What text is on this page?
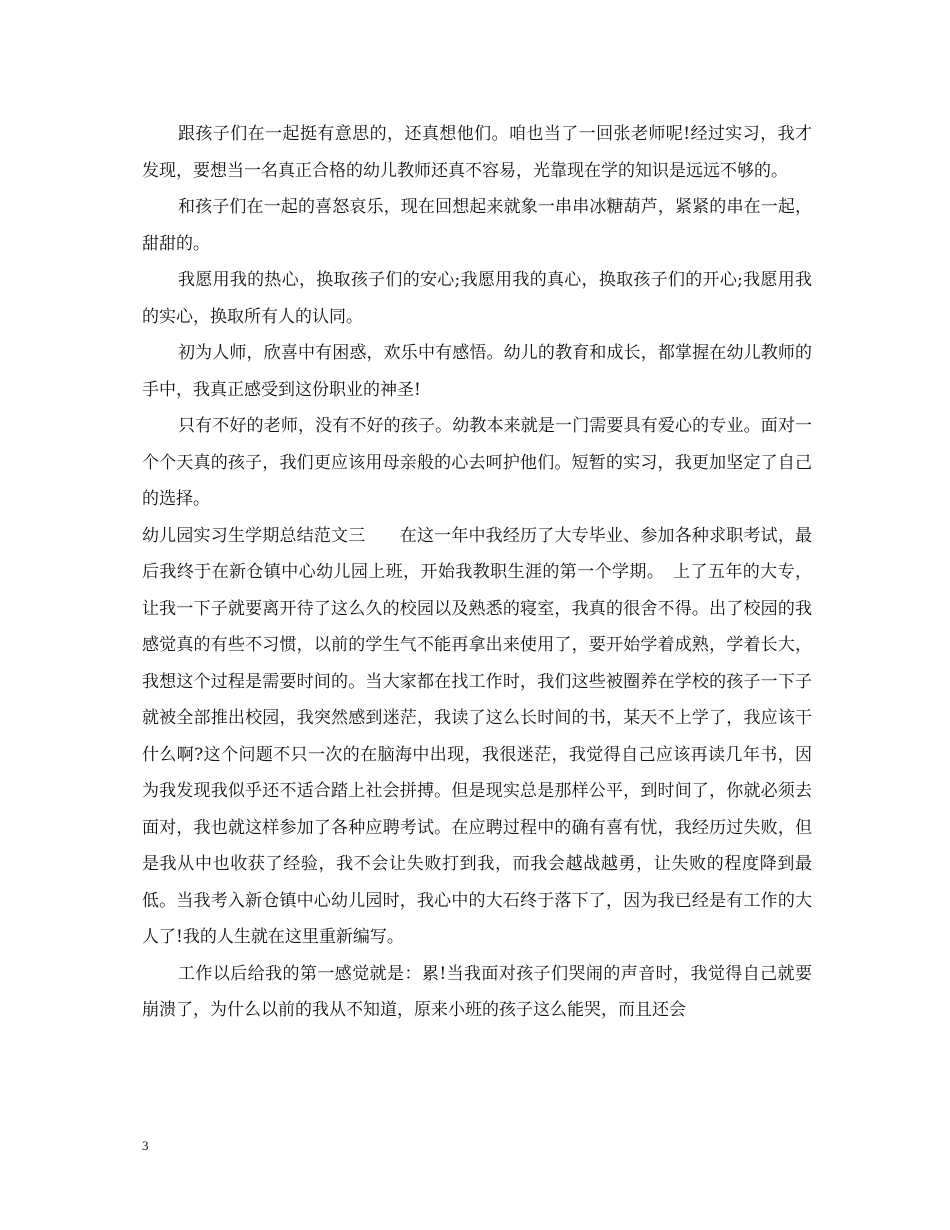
跟孩子们在一起挺有意思的，还真想他们。咱也当了一回张老师呢!经过实习，我才发现，要想当一名真正合格的幼儿教师还真不容易，光靠现在学的知识是远远不够的。

和孩子们在一起的喜怒哀乐，现在回想起来就象一串串冰糖葫芦，紧紧的串在一起，甜甜的。

我愿用我的热心，换取孩子们的安心;我愿用我的真心，换取孩子们的开心;我愿用我的实心，换取所有人的认同。

初为人师，欣喜中有困惑，欢乐中有感悟。幼儿的教育和成长，都掌握在幼儿教师的手中，我真正感受到这份职业的神圣!

只有不好的老师，没有不好的孩子。幼教本来就是一门需要具有爱心的专业。面对一个个天真的孩子，我们更应该用母亲般的心去呵护他们。短暂的实习，我更加坚定了自己的选择。

幼儿园实习生学期总结范文三　　在这一年中我经历了大专毕业、参加各种求职考试，最后我终于在新仓镇中心幼儿园上班，开始我教职生涯的第一个学期。　上了五年的大专，让我一下子就要离开待了这么久的校园以及熟悉的寝室，我真的很舍不得。出了校园的我感觉真的有些不习惯，以前的学生气不能再拿出来使用了，要开始学着成熟，学着长大，我想这个过程是需要时间的。当大家都在找工作时，我们这些被圈养在学校的孩子一下子就被全部推出校园，我突然感到迷茫，我读了这么长时间的书，某天不上学了，我应该干什么啊?这个问题不只一次的在脑海中出现，我很迷茫，我觉得自己应该再读几年书，因为我发现我似乎还不适合踏上社会拼搏。但是现实总是那样公平，到时间了，你就必须去面对，我也就这样参加了各种应聘考试。在应聘过程中的确有喜有忧，我经历过失败，但是我从中也收获了经验，我不会让失败打到我，而我会越战越勇，让失败的程度降到最低。当我考入新仓镇中心幼儿园时，我心中的大石终于落下了，因为我已经是有工作的大人了!我的人生就在这里重新编写。

工作以后给我的第一感觉就是：累!当我面对孩子们哭闹的声音时，我觉得自己就要崩溃了，为什么以前的我从不知道，原来小班的孩子这么能哭，而且还会

3
